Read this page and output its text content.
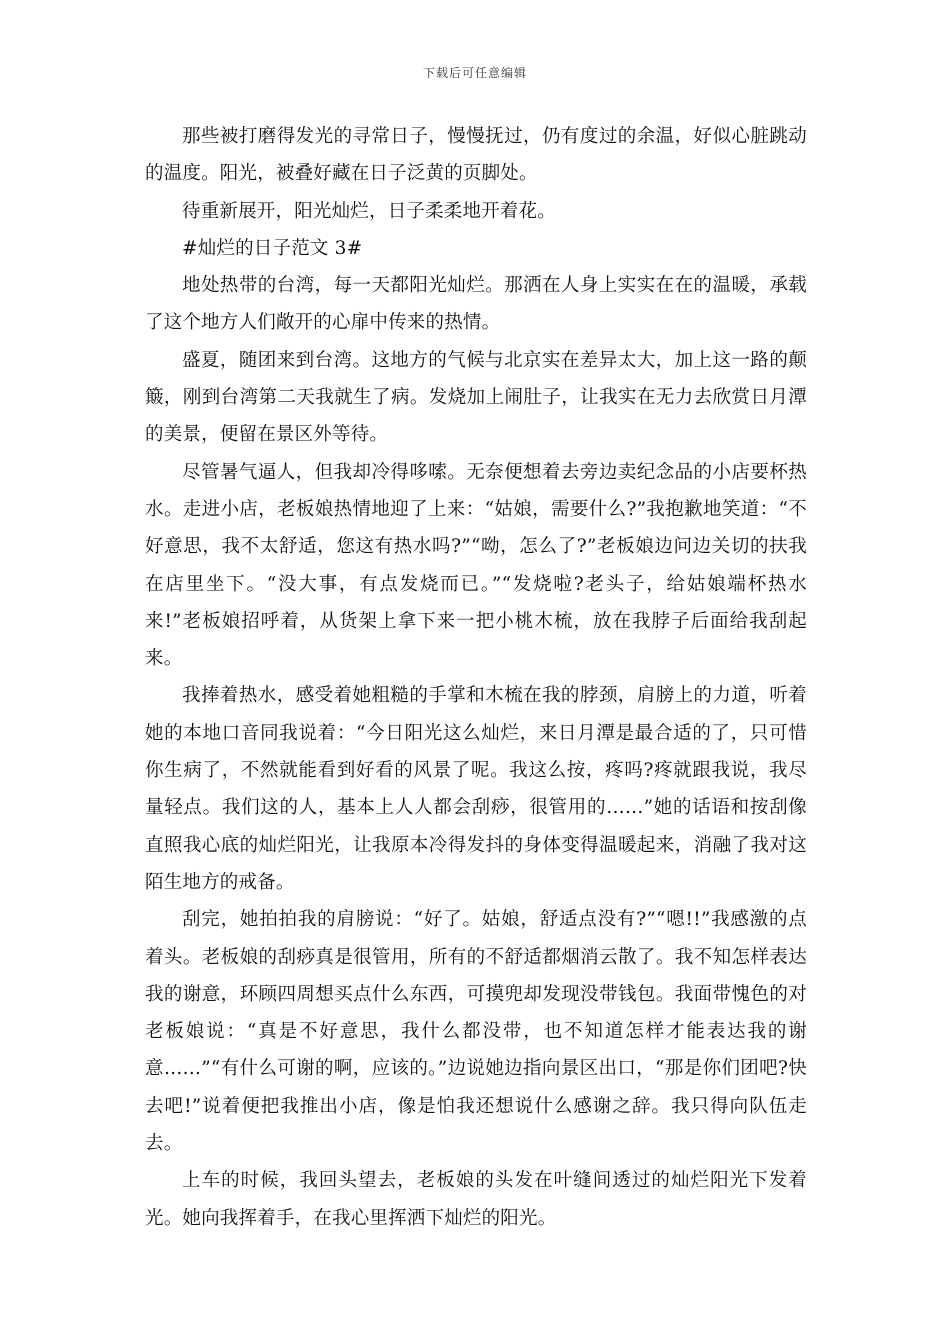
下载后可任意编辑

那些被打磨得发光的寻常日子，慢慢抚过，仍有度过的余温，好似心脏跳动的温度。阳光，被叠好藏在日子泛黄的页脚处。

待重新展开，阳光灿烂，日子柔柔地开着花。

#灿烂的日子范文 3#

地处热带的台湾，每一天都阳光灿烂。那洒在人身上实实在在的温暖，承载了这个地方人们敞开的心扉中传来的热情。

盛夏，随团来到台湾。这地方的气候与北京实在差异太大，加上这一路的颠簸，刚到台湾第二天我就生了病。发烧加上闹肚子，让我实在无力去欣赏日月潭的美景，便留在景区外等待。

尽管暑气逼人，但我却冷得哆嗦。无奈便想着去旁边卖纪念品的小店要杯热水。走进小店，老板娘热情地迎了上来：“姑娘，需要什么?”我抱歉地笑道：“不好意思，我不太舒适，您这有热水吗?”“呦，怎么了?”老板娘边问边关切的扶我在店里坐下。“没大事，有点发烧而已。”“发烧啦?老头子，给姑娘端杯热水来!”老板娘招呼着，从货架上拿下来一把小桃木梳，放在我脖子后面给我刮起来。

我捧着热水，感受着她粗糙的手掌和木梳在我的脖颈，肩膀上的力道，听着她的本地口音同我说着：“今日阳光这么灿烂，来日月潭是最合适的了，只可惜你生病了，不然就能看到好看的风景了呢。我这么按，疼吗?疼就跟我说，我尽量轻点。我们这的人，基本上人人都会刮痧，很管用的……”她的话语和按刮像直照我心底的灿烂阳光，让我原本冷得发抖的身体变得温暖起来，消融了我对这陌生地方的戒备。

刮完，她拍拍我的肩膀说：“好了。姑娘，舒适点没有?”“嗯!!”我感激的点着头。老板娘的刮痧真是很管用，所有的不舒适都烟消云散了。我不知怎样表达我的谢意，环顾四周想买点什么东西，可摸兜却发现没带钱包。我面带愧色的对老板娘说：“真是不好意思，我什么都没带，也不知道怎样才能表达我的谢意……”“有什么可谢的啊，应该的。”边说她边指向景区出口，“那是你们团吧?快去吧!”说着便把我推出小店，像是怕我还想说什么感谢之辞。我只得向队伍走去。

上车的时候，我回头望去，老板娘的头发在叶缝间透过的灿烂阳光下发着光。她向我挥着手，在我心里挥洒下灿烂的阳光。
